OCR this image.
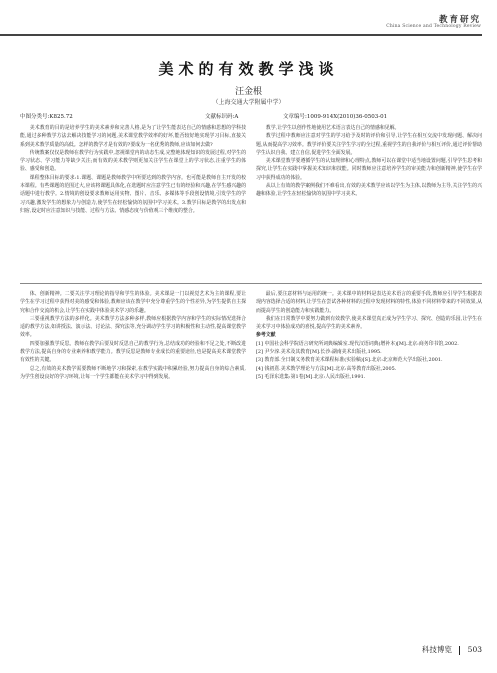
教育研究
China Science and Technology Review
美术的有效教学浅谈
汪金根
（上海交通大学附属中学）
中图分类号:K825.72	文献标识码:A	文章编号:1009-914X(2010)36-0503-01

美术教育的目的是培养学生的美术素养和完善人格,是为了让学生能表达自己的情感和思想的学科技能,通过多种教学方法去解决技能学习的问题,美术课堂教学效率的好坏,能否较好地实现学习目标,直接关系到美术教学质量的高低。怎样的教学才是有效的?要成为一名优秀的教师,应该如何去做?

传统教案仅仅是教师在教学行为实践中,忽视课堂内的动态生成,完整地体现知识的发展过程,对学生的学习状态、学习能力等缺少关注;而有效的美术教学则更加关注学生在课堂上的学习状态,注重学生的体验、感受和创造。

课程整体目标的要求:1.课题、课题是教师教学中所要达到的教学内容。也可能是教师自主开发的校本课程。有些课题的范围过大,应该将课题具体化,在选题时应注意学生已有的经验和兴趣,在学生感兴趣的话题中进行教学。2.情境的创设要求教师运用实物、图片、音乐、多媒体等手段创设情境,引发学生的学习兴趣,激发学生的想象力与创造力,使学生在轻松愉快的氛围中学习美术。3.教学目标是教学的出发点和归宿,设定时应注意知识与技能、过程与方法、情感态度与价值观三个维度的整合。

教学,让学生以创作性地使用艺术语言表达自己的情感和见解。

教学过程中教师应注意对学生的学习给予及时的评价和引导,让学生在相互交流中发现问题、解决问题,从而提高学习效率。教学评价要关注学生学习的全过程,重视学生的自我评价与相互评价,通过评价帮助学生认识自我、建立自信,促进学生全面发展。

美术课堂教学要遵循学生的认知规律和心理特点,教师可以在课堂中适当地设置问题,引导学生思考和探究,让学生在实践中掌握美术知识和技能。同时教师应注意培养学生的审美能力和创新精神,使学生在学习中获得成功的体验。

从以上有效的教学案例我们不难看出,有效的美术教学应该以学生为主体,以教师为主导,关注学生的兴趣和体验,让学生在轻松愉快的氛围中学习美术。

体、创新精神。二要关注学习理论的指导和学生的体验。美术课是一门以视觉艺术为主的课程,要让学生在学习过程中获得对美的感受和体验,教师应该在教学中充分尊重学生的个性差异,为学生提供自主探究和合作交流的机会,让学生在实践中体验美术学习的乐趣。

三要重视教学方法的多样化。美术教学方法多种多样,教师应根据教学内容和学生的实际情况选择合适的教学方法,如讲授法、演示法、讨论法、探究法等,充分调动学生学习的积极性和主动性,提高课堂教学效率。

四要加强教学反思。教师在教学后要及时反思自己的教学行为,总结成功的经验和不足之处,不断改进教学方法,提高自身的专业素养和教学能力。教学反思是教师专业成长的重要途径,也是提高美术课堂教学有效性的关键。

总之,有效的美术教学需要教师不断地学习和探索,在教学实践中积累经验,努力提高自身的综合素质,为学生创设良好的学习环境,让每一个学生都能在美术学习中得到发展。

最后,要注意材料与运用的统一。美术课中的材料是表达美术语言的重要手段,教师应引导学生根据表现内容选择合适的材料,让学生在尝试各种材料的过程中发现材料的特性,体验不同材料带来的不同效果,从而提高学生的创造能力和实践能力。

我们在日常教学中要努力做到有效教学,使美术课堂真正成为学生学习、探究、创造的乐园,让学生在美术学习中体验成功的喜悦,提高学生的美术素养。

参考文献

[1] 中国社会科学院语言研究所词典编辑室.现代汉语词典(增补本)[M].北京:商务印书馆,2002.

[2] 尹少淳.美术及其教育[M].长沙:湖南美术出版社,1995.

[3] 教育部.全日制义务教育美术课程标准(实验稿)[S].北京:北京师范大学出版社,2001.

[4] 钱初熹.美术教学理论与方法[M].北京:高等教育出版社,2005.

[5] 毛泽东选集:第1卷[M].北京:人民出版社,1991.

科技博览 503
